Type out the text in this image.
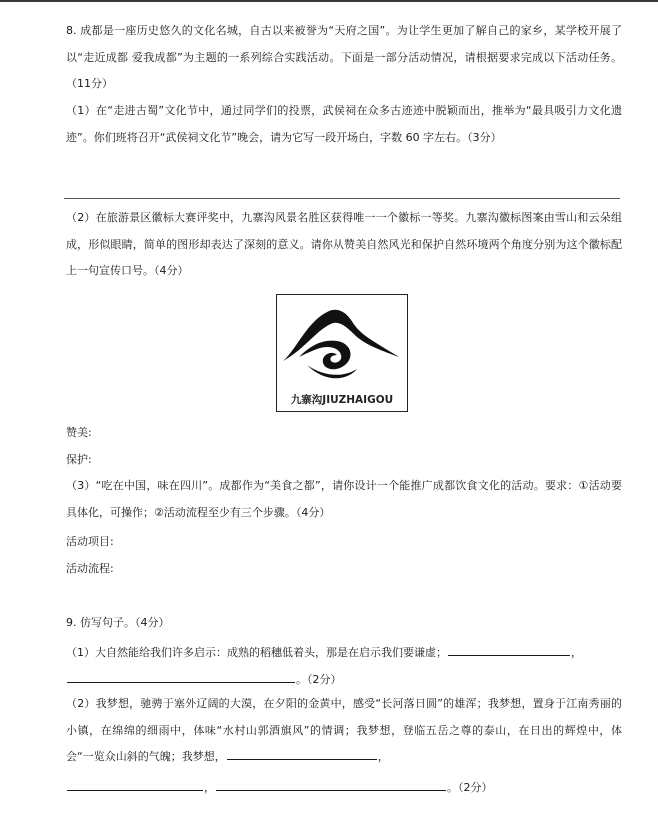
8. 成都是一座历史悠久的文化名城，自古以来被誉为“天府之国”。为让学生更加了解自己的家乡，某学校开展了以“走近成都 爱我成都”为主题的一系列综合实践活动。下面是一部分活动情况，请根据要求完成以下活动任务。（11分）
（1）在“走进古蜀”文化节中，通过同学们的投票，武侯祠在众多古迹迹中脱颖而出，推举为“最具吸引力文化遗迹”。你们班将召开“武侯祠文化节”晚会，请为它写一段开场白，字数 60 字左右。（3分）
（2）在旅游景区徽标大赛评奖中，九寨沟风景名胜区获得唯一一个徽标一等奖。九寨沟徽标图案由雪山和云朵组成，形似眼睛，简单的图形却表达了深刻的意义。请你从赞美自然风光和保护自然环境两个角度分别为这个徽标配上一句宣传口号。（4分）
九寨沟JIUZHAIGOU
赞美:
保护:
（3）“吃在中国，味在四川”。成都作为“美食之都”，请你设计一个能推广成都饮食文化的活动。要求：①活动要具体化，可操作；②活动流程至少有三个步骤。（4分）
活动项目:
活动流程:
9. 仿写句子。（4分）
（1）大自然能给我们许多启示：成熟的稻穗低着头，那是在启示我们要谦虚；	，
。（2分）
（2）我梦想，驰骋于塞外辽阔的大漠，在夕阳的金黄中，感受“长河落日圆”的雄浑；我梦想，置身于江南秀丽的小镇，在绵绵的细雨中，体味“水村山郭酒旗风”的情调；我梦想，登临五岳之尊的泰山，在日出的辉煌中，体会“一览众山斜的气魄；我梦想，	，
，	。（2分）
